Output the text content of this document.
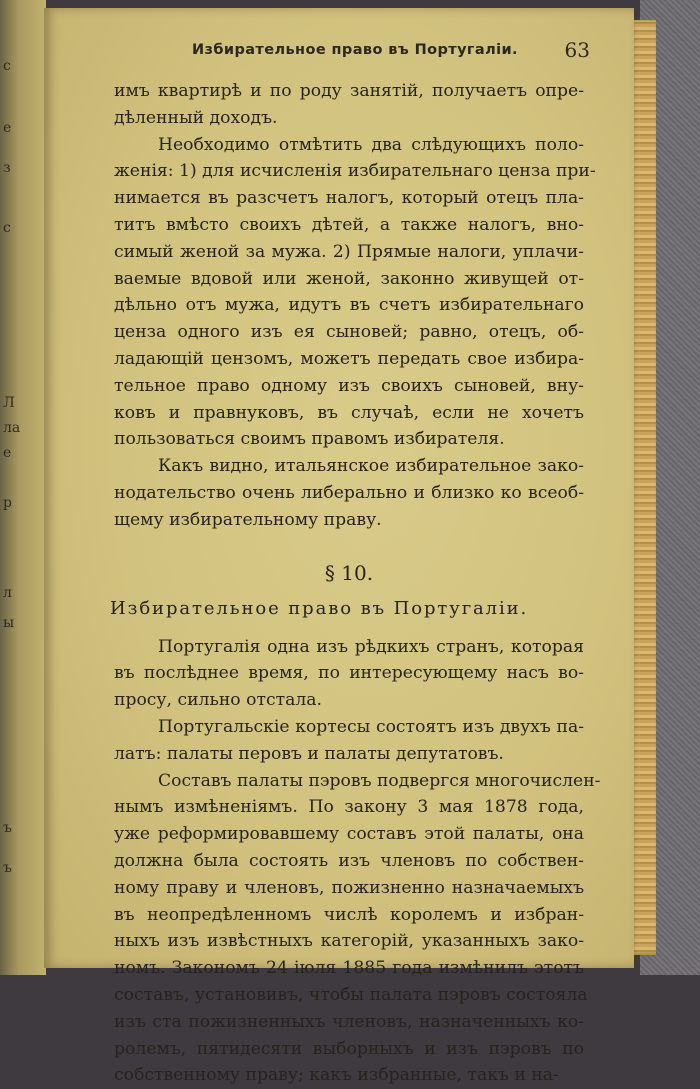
с
е
з
с
Л
ла
е
р
л
ы
ъ
ъ
Избирательное право въ Португаліи. 63
имъ квартирѣ и по роду занятій, получаетъ опре-
дѣленный доходъ.
Необходимо отмѣтить два слѣдующихъ поло-
женія: 1) для исчисленія избирательнаго ценза при-
нимается въ разсчетъ налогъ, который отецъ пла-
титъ вмѣсто своихъ дѣтей, а также налогъ, вно-
симый женой за мужа. 2) Прямые налоги, уплачи-
ваемые вдовой или женой, законно живущей от-
дѣльно отъ мужа, идутъ въ счетъ избирательнаго
ценза одного изъ ея сыновей; равно, отецъ, об-
ладающій цензомъ, можетъ передать свое избира-
тельное право одному изъ своихъ сыновей, вну-
ковъ и правнуковъ, въ случаѣ, если не хочетъ
пользоваться своимъ правомъ избирателя.
Какъ видно, итальянское избирательное зако-
нодательство очень либерально и близко ко всеоб-
щему избирательному праву.
§ 10.
Избирательное право въ Португаліи.
Португалія одна изъ рѣдкихъ странъ, которая
въ послѣднее время, по интересующему насъ во-
просу, сильно отстала.
Португальскіе кортесы состоятъ изъ двухъ па-
латъ: палаты перовъ и палаты депутатовъ.
Составъ палаты пэровъ подвергся многочислен-
нымъ измѣненіямъ. По закону 3 мая 1878 года,
уже реформировавшему составъ этой палаты, она
должна была состоять изъ членовъ по собствен-
ному праву и членовъ, пожизненно назначаемыхъ
въ неопредѣленномъ числѣ королемъ и избран-
ныхъ изъ извѣстныхъ категорій, указанныхъ зако-
номъ. Закономъ 24 іюля 1885 года измѣнилъ этотъ
составъ, установивъ, чтобы палата пэровъ состояла
изъ ста пожизненныхъ членовъ, назначенныхъ ко-
ролемъ, пятидесяти выборныхъ и изъ пэровъ по
собственному праву; какъ избранные, такъ и на-
